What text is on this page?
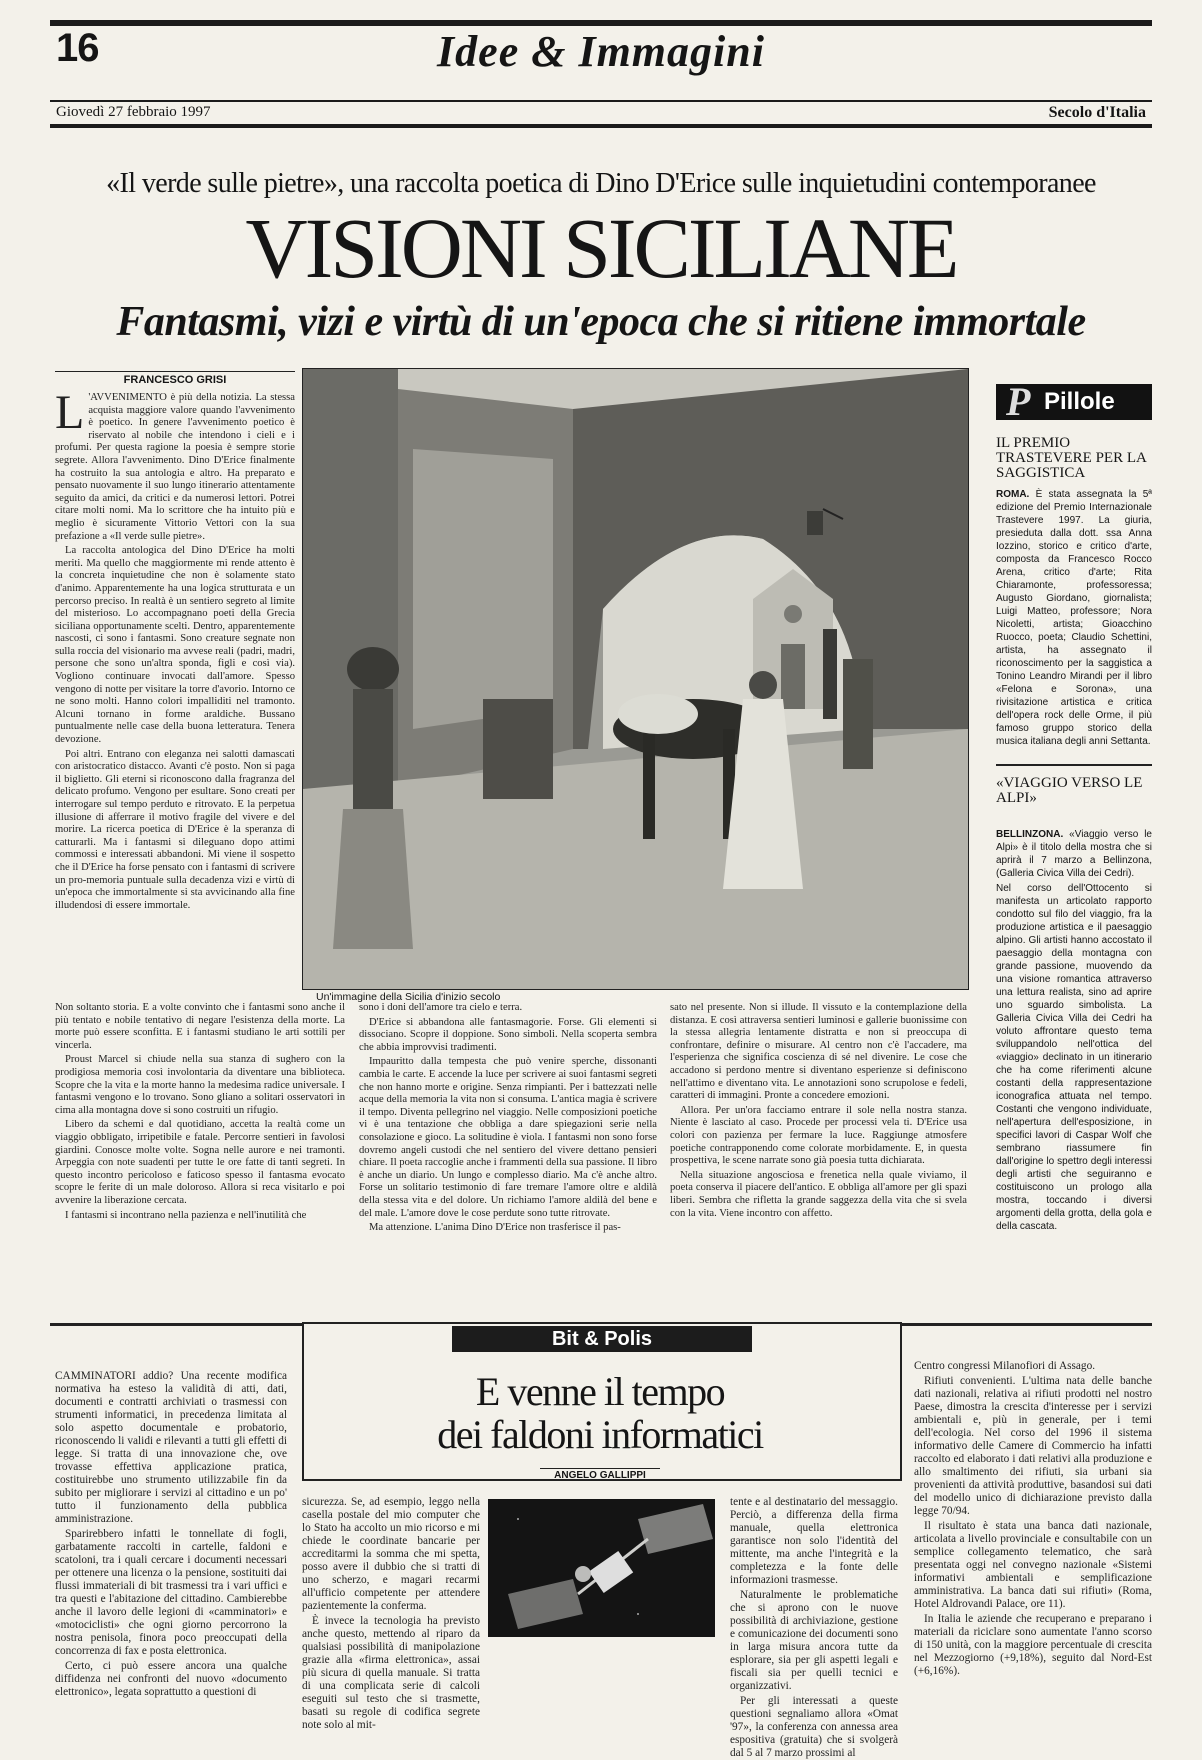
16	Idee & Immagini
Giovedì 27 febbraio 1997	Secolo d'Italia
«Il verde sulle pietre», una raccolta poetica di Dino D'Erice sulle inquietudini contemporanee
VISIONI SICILIANE
Fantasmi, vizi e virtù di un'epoca che si ritiene immortale
FRANCESCO GRISI

L 'AVVENIMENTO è più della notizia. La stessa acquista maggiore valore quando l'avvenimento è poetico. In genere l'avvenimento poetico è riservato al nobile che intendono i cieli e i profumi. Per questa ragione la poesia è sempre storie segrete. Allora l'avvenimento. Dino D'Erice finalmente ha costruito la sua antologia e altro. Ha preparato e pensato nuovamente il suo lungo itinerario attentamente seguito da amici, da critici e da numerosi lettori. Potrei citare molti nomi. Ma lo scrittore che ha intuito più e meglio è sicuramente Vittorio Vettori con la sua prefazione a «Il verde sulle pietre».

La raccolta antologica del Dino D'Erice ha molti meriti. Ma quello che maggiormente mi rende attento è la concreta inquietudine che non è solamente stato d'animo. Apparentemente ha una logica strutturata e un percorso preciso. In realtà è un sentiero segreto al limite del misterioso. Lo accompagnano poeti della Grecia siciliana opportunamente scelti. Dentro, apparentemente nascosti, ci sono i fantasmi. Sono creature segnate non sulla roccia del visionario ma avvese reali (padri, madri, persone che sono un'altra sponda, figli e così via). Vogliono continuare invocati dall'amore. Spesso vengono di notte per visitare la torre d'avorio. Intorno ce ne sono molti. Hanno colori impalliditi nel tramonto. Alcuni tornano in forme araldiche. Bussano puntualmente nelle case della buona letteratura. Tenera devozione.

Poi altri. Entrano con eleganza nei salotti damascati con aristocratico distacco. Avanti c'è posto. Non si paga il biglietto. Gli eterni si riconoscono dalla fragranza del delicato profumo. Vengono per esultare. Sono creati per interrogare sul tempo perduto e ritrovato. E la perpetua illusione di afferrare il motivo fragile del vivere e del morire. La ricerca poetica di D'Erice è la speranza di catturarli. Ma i fantasmi si dileguano dopo attimi commossi e interessati abbandoni. Mi viene il sospetto che il D'Erice ha forse pensato con i fantasmi di scrivere un pro-memoria puntuale sulla decadenza vizi e virtù di un'epoca che immortalmente si sta avvicinando alla fine illudendosi di essere immortale.

Un'immagine della Sicilia d'inizio secolo

Non soltanto storia. E a volte convinto che i fantasmi sono anche il più tentato e nobile tentativo di negare l'esistenza della morte. La morte può essere sconfitta. E i fantasmi studiano le arti sottili per vincerla.

Proust Marcel si chiude nella sua stanza di sughero con la prodigiosa memoria così involontaria da diventare una biblioteca. Scopre che la vita e la morte hanno la medesima radice universale. I fantasmi vengono e lo trovano. Sono gliano a solitari osservatori in cima alla montagna dove si sono costruiti un rifugio.

Libero da schemi e dal quotidiano, accetta la realtà come un viaggio obbligato, irripetibile e fatale. Percorre sentieri in favolosi giardini. Conosce molte volte. Sogna nelle aurore e nei tramonti. Arpeggia con note suadenti per tutte le ore fatte di tanti segreti. In questo incontro pericoloso e faticoso spesso il fantasma evocato scopre le ferite di un male doloroso. Allora si reca visitarlo e poi avvenire la liberazione cercata.

I fantasmi si incontrano nella pazienza e nell'inutilità che

sono i doni dell'amore tra cielo e terra.

D'Erice si abbandona alle fantasmagorie. Forse. Gli elementi si dissociano. Scopre il doppione. Sono simboli. Nella scoperta sembra che abbia improvvisi tradimenti.

Impauritto dalla tempesta che può venire sperche, dissonanti cambia le carte. E accende la luce per scrivere ai suoi fantasmi segreti che non hanno morte e origine. Senza rimpianti. Per i battezzati nelle acque della memoria la vita non si consuma. L'antica magia è scrivere il tempo. Diventa pellegrino nel viaggio. Nelle composizioni poetiche vi è una tentazione che obbliga a dare spiegazioni serie nella consolazione e gioco. La solitudine è viola. I fantasmi non sono forse dovremo angeli custodi che nel sentiero del vivere dettano pensieri chiare. Il poeta raccoglie anche i frammenti della sua passione. Il libro è anche un diario. Un lungo e complesso diario. Ma c'è anche altro. Forse un solitario testimonio di fare tremare l'amore oltre e aldilà della stessa vita e del dolore. Un richiamo l'amore aldilà del bene e del male. L'amore dove le cose perdute sono tutte ritrovate.

Ma attenzione. L'anima Dino D'Erice non trasferisce il pas-

sato nel presente. Non si illude. Il vissuto e la contemplazione della distanza. E così attraversa sentieri luminosi e gallerie buonissime con la stessa allegria lentamente distratta e non si preoccupa di confrontare, definire o misurare. Al centro non c'è l'accadere, ma l'esperienza che significa coscienza di sé nel divenire. Le cose che accadono si perdono mentre si diventano esperienze si definiscono nell'attimo e diventano vita. Le annotazioni sono scrupolose e fedeli, caratteri di immagini. Pronte a concedere emozioni.

Allora. Per un'ora facciamo entrare il sole nella nostra stanza. Niente è lasciato al caso. Procede per processi vela ti. D'Erice usa colori con pazienza per fermare la luce. Raggiunge atmosfere poetiche contrapponendo come colorate morbidamente. E, in questa prospettiva, le scene narrate sono già poesia tutta dichiarata.

Nella situazione angosciosa e frenetica nella quale viviamo, il poeta conserva il piacere dell'antico. E obbliga all'amore per gli spazi liberi. Sembra che rifletta la grande saggezza della vita che si svela con la vita. Viene incontro con affetto.

P Pillole
IL PREMIO TRASTEVERE PER LA SAGGISTICA

ROMA. È stata assegnata la 5ª edizione del Premio Internazionale Trastevere 1997. La giuria, presieduta dalla dott. ssa Anna Iozzino, storico e critico d'arte, composta da Francesco Rocco Arena, critico d'arte; Rita Chiaramonte, professoressa; Augusto Giordano, giornalista; Luigi Matteo, professore; Nora Nicoletti, artista; Gioacchino Ruocco, poeta; Claudio Schettini, artista, ha assegnato il riconoscimento per la saggistica a Tonino Leandro Mirandi per il libro «Felona e Sorona», una rivisitazione artistica e critica dell'opera rock delle Orme, il più famoso gruppo storico della musica italiana degli anni Settanta.

«VIAGGIO VERSO LE ALPI»

BELLINZONA. «Viaggio verso le Alpi» è il titolo della mostra che si aprirà il 7 marzo a Bellinzona, (Galleria Civica Villa dei Cedri).

Nel corso dell'Ottocento si manifesta un articolato rapporto condotto sul filo del viaggio, fra la produzione artistica e il paesaggio alpino. Gli artisti hanno accostato il paesaggio della montagna con grande passione, muovendo da una visione romantica attraverso una lettura realista, sino ad aprire uno sguardo simbolista. La Galleria Civica Villa dei Cedri ha voluto affrontare questo tema sviluppandolo nell'ottica del «viaggio» declinato in un itinerario che ha come riferimenti alcune costanti della rappresentazione iconografica attuata nel tempo. Costanti che vengono individuate, nell'apertura dell'esposizione, in specifici lavori di Caspar Wolf che sembrano riassumere fin dall'origine lo spettro degli interessi degli artisti che seguiranno e costituiscono un prologo alla mostra, toccando i diversi argomenti della grotta, della gola e della cascata.

Bit & Polis
E venne il tempo
dei faldoni informatici
ANGELO GALLIPPI

CAMMINATORI addio? Una recente modifica normativa ha esteso la validità di atti, dati, documenti e contratti archiviati o trasmessi con strumenti informatici, in precedenza limitata al solo aspetto documentale e probatorio, riconoscendo li validi e rilevanti a tutti gli effetti di legge. Si tratta di una innovazione che, ove trovasse effettiva applicazione pratica, costituirebbe uno strumento utilizzabile fin da subito per migliorare i servizi al cittadino e un po' tutto il funzionamento della pubblica amministrazione.

Sparirebbero infatti le tonnellate di fogli, garbatamente raccolti in cartelle, faldoni e scatoloni, tra i quali cercare i documenti necessari per ottenere una licenza o la pensione, sostituiti dai flussi immateriali di bit trasmessi tra i vari uffici e tra questi e l'abitazione del cittadino. Cambierebbe anche il lavoro delle legioni di «camminatori» e «motociclisti» che ogni giorno percorrono la nostra penisola, finora poco preoccupati della concorrenza di fax e posta elettronica.

Certo, ci può essere ancora una qualche diffidenza nei confronti del nuovo «documento elettronico», legata soprattutto a questioni di

sicurezza. Se, ad esempio, leggo nella casella postale del mio computer che lo Stato ha accolto un mio ricorso e mi chiede le coordinate bancarie per accreditarmi la somma che mi spetta, posso avere il dubbio che si tratti di uno scherzo, e magari recarmi all'ufficio competente per attendere pazientemente la conferma.

È invece la tecnologia ha previsto anche questo, mettendo al riparo da qualsiasi possibilità di manipolazione grazie alla «firma elettronica», assai più sicura di quella manuale. Si tratta di una complicata serie di calcoli eseguiti sul testo che si trasmette, basati su regole di codifica segrete note solo al mit-

tente e al destinatario del messaggio. Perciò, a differenza della firma manuale, quella elettronica garantisce non solo l'identità del mittente, ma anche l'integrità e la completezza e la fonte delle informazioni trasmesse.

Naturalmente le problematiche che si aprono con le nuove possibilità di archiviazione, gestione e comunicazione dei documenti sono in larga misura ancora tutte da esplorare, sia per gli aspetti legali e fiscali sia per quelli tecnici e organizzativi.

Per gli interessati a queste questioni segnaliamo allora «Omat '97», la conferenza con annessa area espositiva (gratuita) che si svolgerà dal 5 al 7 marzo prossimi al

Centro congressi Milanofiori di Assago.

Rifiuti convenienti. L'ultima nata delle banche dati nazionali, relativa ai rifiuti prodotti nel nostro Paese, dimostra la crescita d'interesse per i servizi ambientali e, più in generale, per i temi dell'ecologia. Nel corso del 1996 il sistema informativo delle Camere di Commercio ha infatti raccolto ed elaborato i dati relativi alla produzione e allo smaltimento dei rifiuti, sia urbani sia provenienti da attività produttive, basandosi sui dati del modello unico di dichiarazione previsto dalla legge 70/94.

Il risultato è stata una banca dati nazionale, articolata a livello provinciale e consultabile con un semplice collegamento telematico, che sarà presentata oggi nel convegno nazionale «Sistemi informativi ambientali e semplificazione amministrativa. La banca dati sui rifiuti» (Roma, Hotel Aldrovandi Palace, ore 11).

In Italia le aziende che recuperano e preparano i materiali da riciclare sono aumentate l'anno scorso di 150 unità, con la maggiore percentuale di crescita nel Mezzogiorno (+9,18%), seguito dal Nord-Est (+6,16%).
